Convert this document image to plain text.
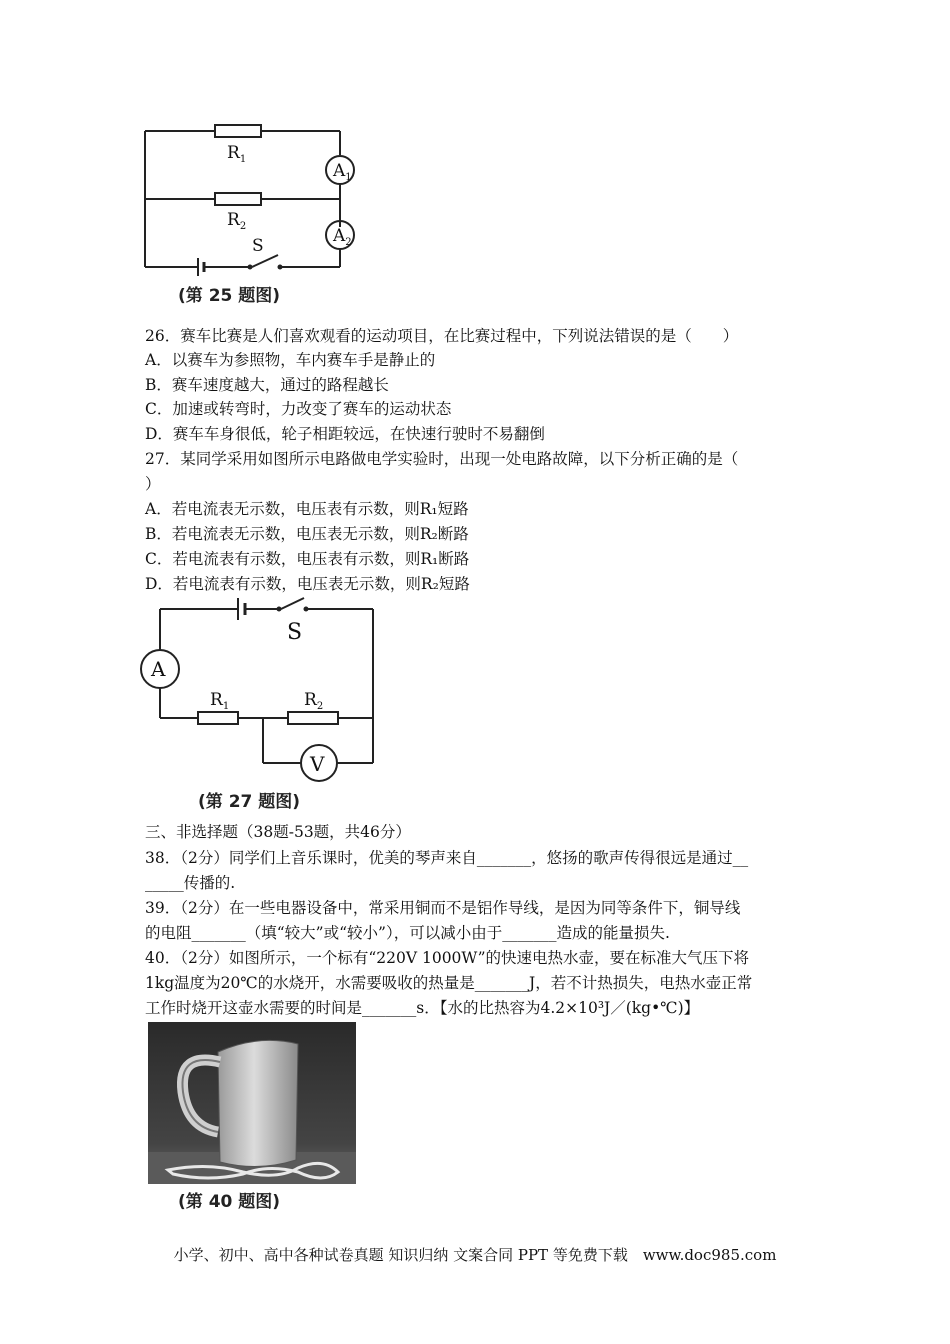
$R_1$
$R_2$
$A_1$
$A_2$
S
(第 25 题图)
26．赛车比赛是人们喜欢观看的运动项目，在比赛过程中，下列说法错误的是（　　）
A．以赛车为参照物，车内赛车手是静止的
B．赛车速度越大，通过的路程越长
C．加速或转弯时，力改变了赛车的运动状态
D．赛车车身很低，轮子相距较远，在快速行驶时不易翻倒
27．某同学采用如图所示电路做电学实验时，出现一处电路故障，以下分析正确的是（
）
A．若电流表无示数，电压表有示数，则R₁短路
B．若电流表无示数，电压表无示数，则R₂断路
C．若电流表有示数，电压表有示数，则R₁断路
D．若电流表有示数，电压表无示数，则R₂短路
S
A
V
$R_1$	$R_2$
(第 27 题图)
三、非选择题（38题-53题，共46分）
38．（2分）同学们上音乐课时，优美的琴声来自_______，悠扬的歌声传得很远是通过__
_____传播的.
39．（2分）在一些电器设备中，常采用铜而不是铝作导线，是因为同等条件下，铜导线
的电阻_______（填“较大”或“较小”），可以减小由于_______造成的能量损失.
40．（2分）如图所示，一个标有“220V 1000W”的快速电热水壶，要在标准大气压下将
1kg温度为20℃的水烧开，水需要吸收的热量是_______J，若不计热损失，电热水壶正常
工作时烧开这壶水需要的时间是_______s．【水的比热容为4.2×10³J／(kg•℃)】
(第 40 题图)
小学、初中、高中各种试卷真题 知识归纳 文案合同 PPT 等免费下载　www.doc985.com
